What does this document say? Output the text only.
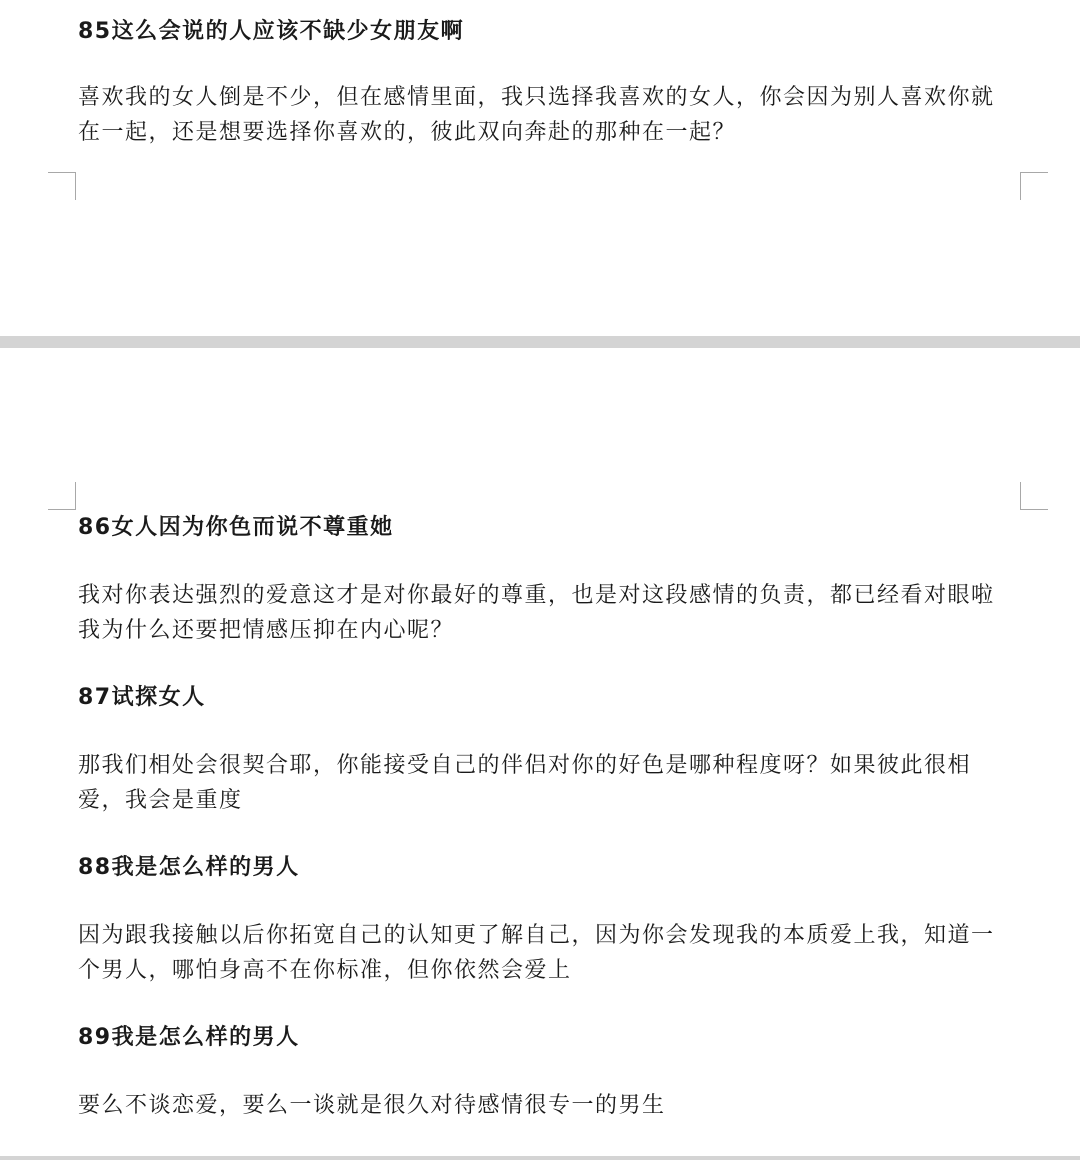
85这么会说的人应该不缺少女朋友啊

喜欢我的女人倒是不少，但在感情里面，我只选择我喜欢的女人，你会因为别人喜欢你就在一起，还是想要选择你喜欢的，彼此双向奔赴的那种在一起？

86女人因为你色而说不尊重她

我对你表达强烈的爱意这才是对你最好的尊重，也是对这段感情的负责，都已经看对眼啦我为什么还要把情感压抑在内心呢？

87试探女人

那我们相处会很契合耶，你能接受自己的伴侣对你的好色是哪种程度呀？如果彼此很相爱，我会是重度

88我是怎么样的男人

因为跟我接触以后你拓宽自己的认知更了解自己，因为你会发现我的本质爱上我，知道一个男人，哪怕身高不在你标准，但你依然会爱上

89我是怎么样的男人

要么不谈恋爱，要么一谈就是很久对待感情很专一的男生
